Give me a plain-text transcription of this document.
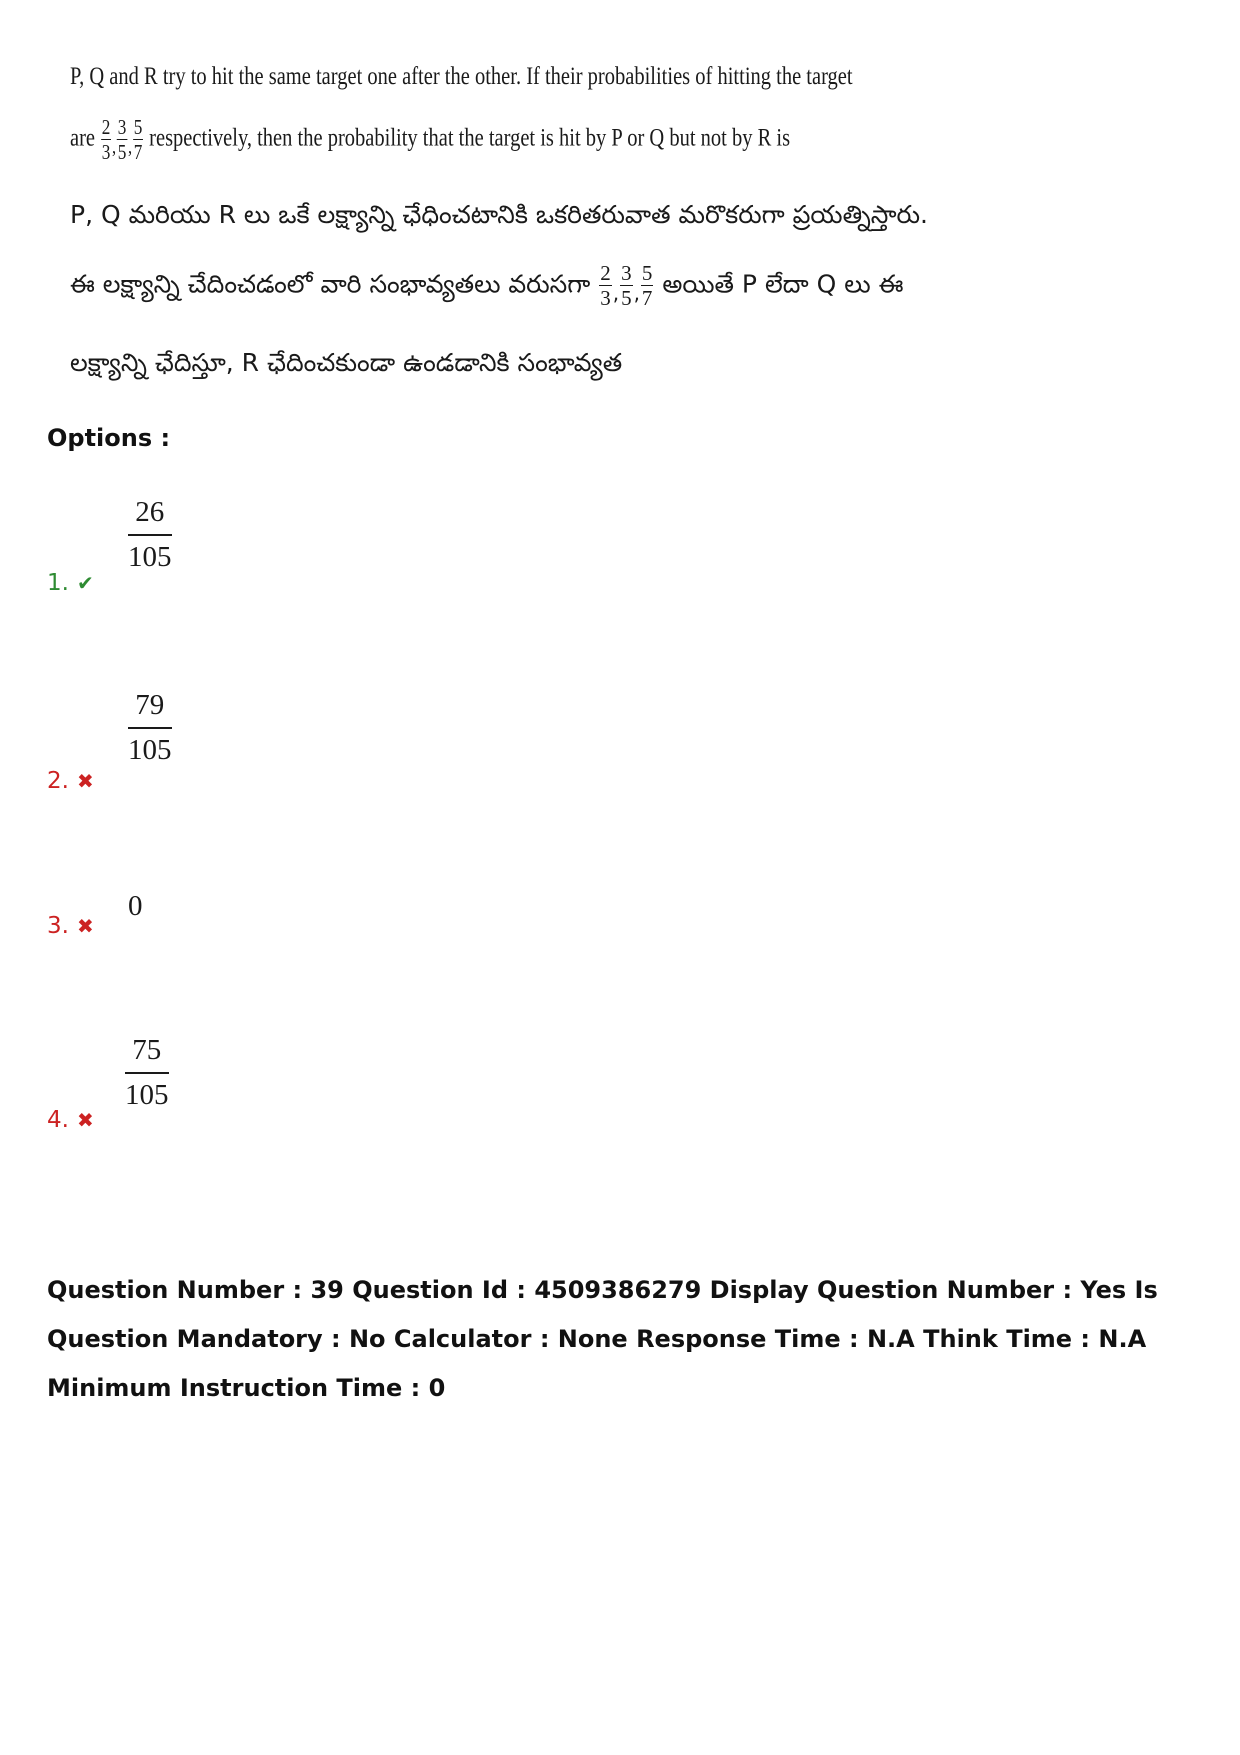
P, Q and R try to hit the same target one after the other. If their probabilities of hitting the target
are $\frac{2}{3}$ , $\frac{3}{5}$ , $\frac{5}{7}$ respectively, then the probability that the target is hit by P or Q but not by R is
P, Q మరియు R లు ఒకే లక్ష్యాన్ని ఛేధించటానికి ఒకరితరువాత మరొకరుగా ప్రయత్నిస్తారు.
ఈ లక్ష్యాన్ని చేదించడంలో వారి సంభావ్యతలు వరుసగా $\frac{2}{3}$ , $\frac{3}{5}$ , $\frac{5}{7}$ అయితే P లేదా Q లు ఈ
లక్ష్యాన్ని ఛేదిస్తూ, R ఛేదించకుండా ఉండడానికి సంభావ్యత
Options :
$\frac{26}{105}$
1. ✔
$\frac{79}{105}$
2. ✖
0
3. ✖
$\frac{75}{105}$
4. ✖
Question Number : 39 Question Id : 4509386279 Display Question Number : Yes Is Question Mandatory : No Calculator : None Response Time : N.A Think Time : N.A Minimum Instruction Time : 0
